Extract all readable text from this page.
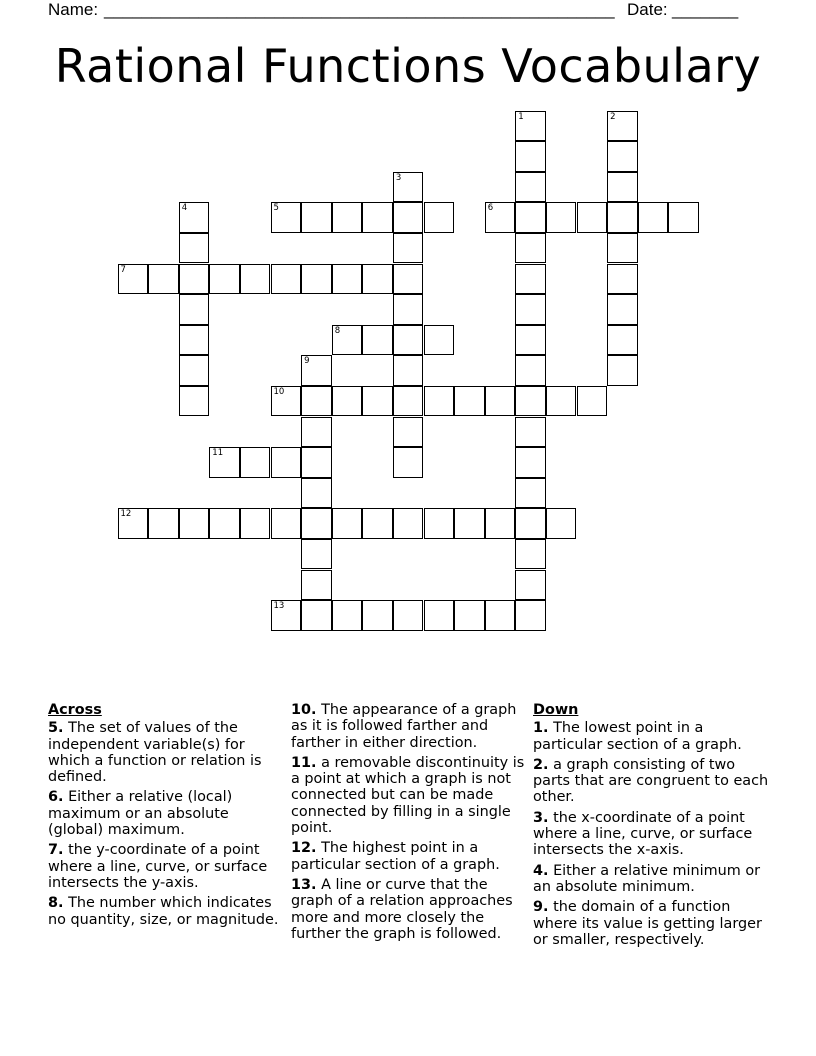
Name: ______________________________________________________ Date: _______
Rational Functions Vocabulary
1	2
3
4	5	6
7
8
9
10
11
12
13
Across
5. The set of values of the independent variable(s) for which a function or relation is defined.
6. Either a relative (local) maximum or an absolute (global) maximum.
7. the y-coordinate of a point where a line, curve, or surface intersects the y-axis.
8. The number which indicates no quantity, size, or magnitude.
10. The appearance of a graph as it is followed farther and farther in either direction.
11. a removable discontinuity is a point at which a graph is not connected but can be made connected by filling in a single point.
12. The highest point in a particular section of a graph.
13. A line or curve that the graph of a relation approaches more and more closely the further the graph is followed.
Down
1. The lowest point in a particular section of a graph.
2. a graph consisting of two parts that are congruent to each other.
3. the x-coordinate of a point where a line, curve, or surface intersects the x-axis.
4. Either a relative minimum or an absolute minimum.
9. the domain of a function where its value is getting larger or smaller, respectively.
